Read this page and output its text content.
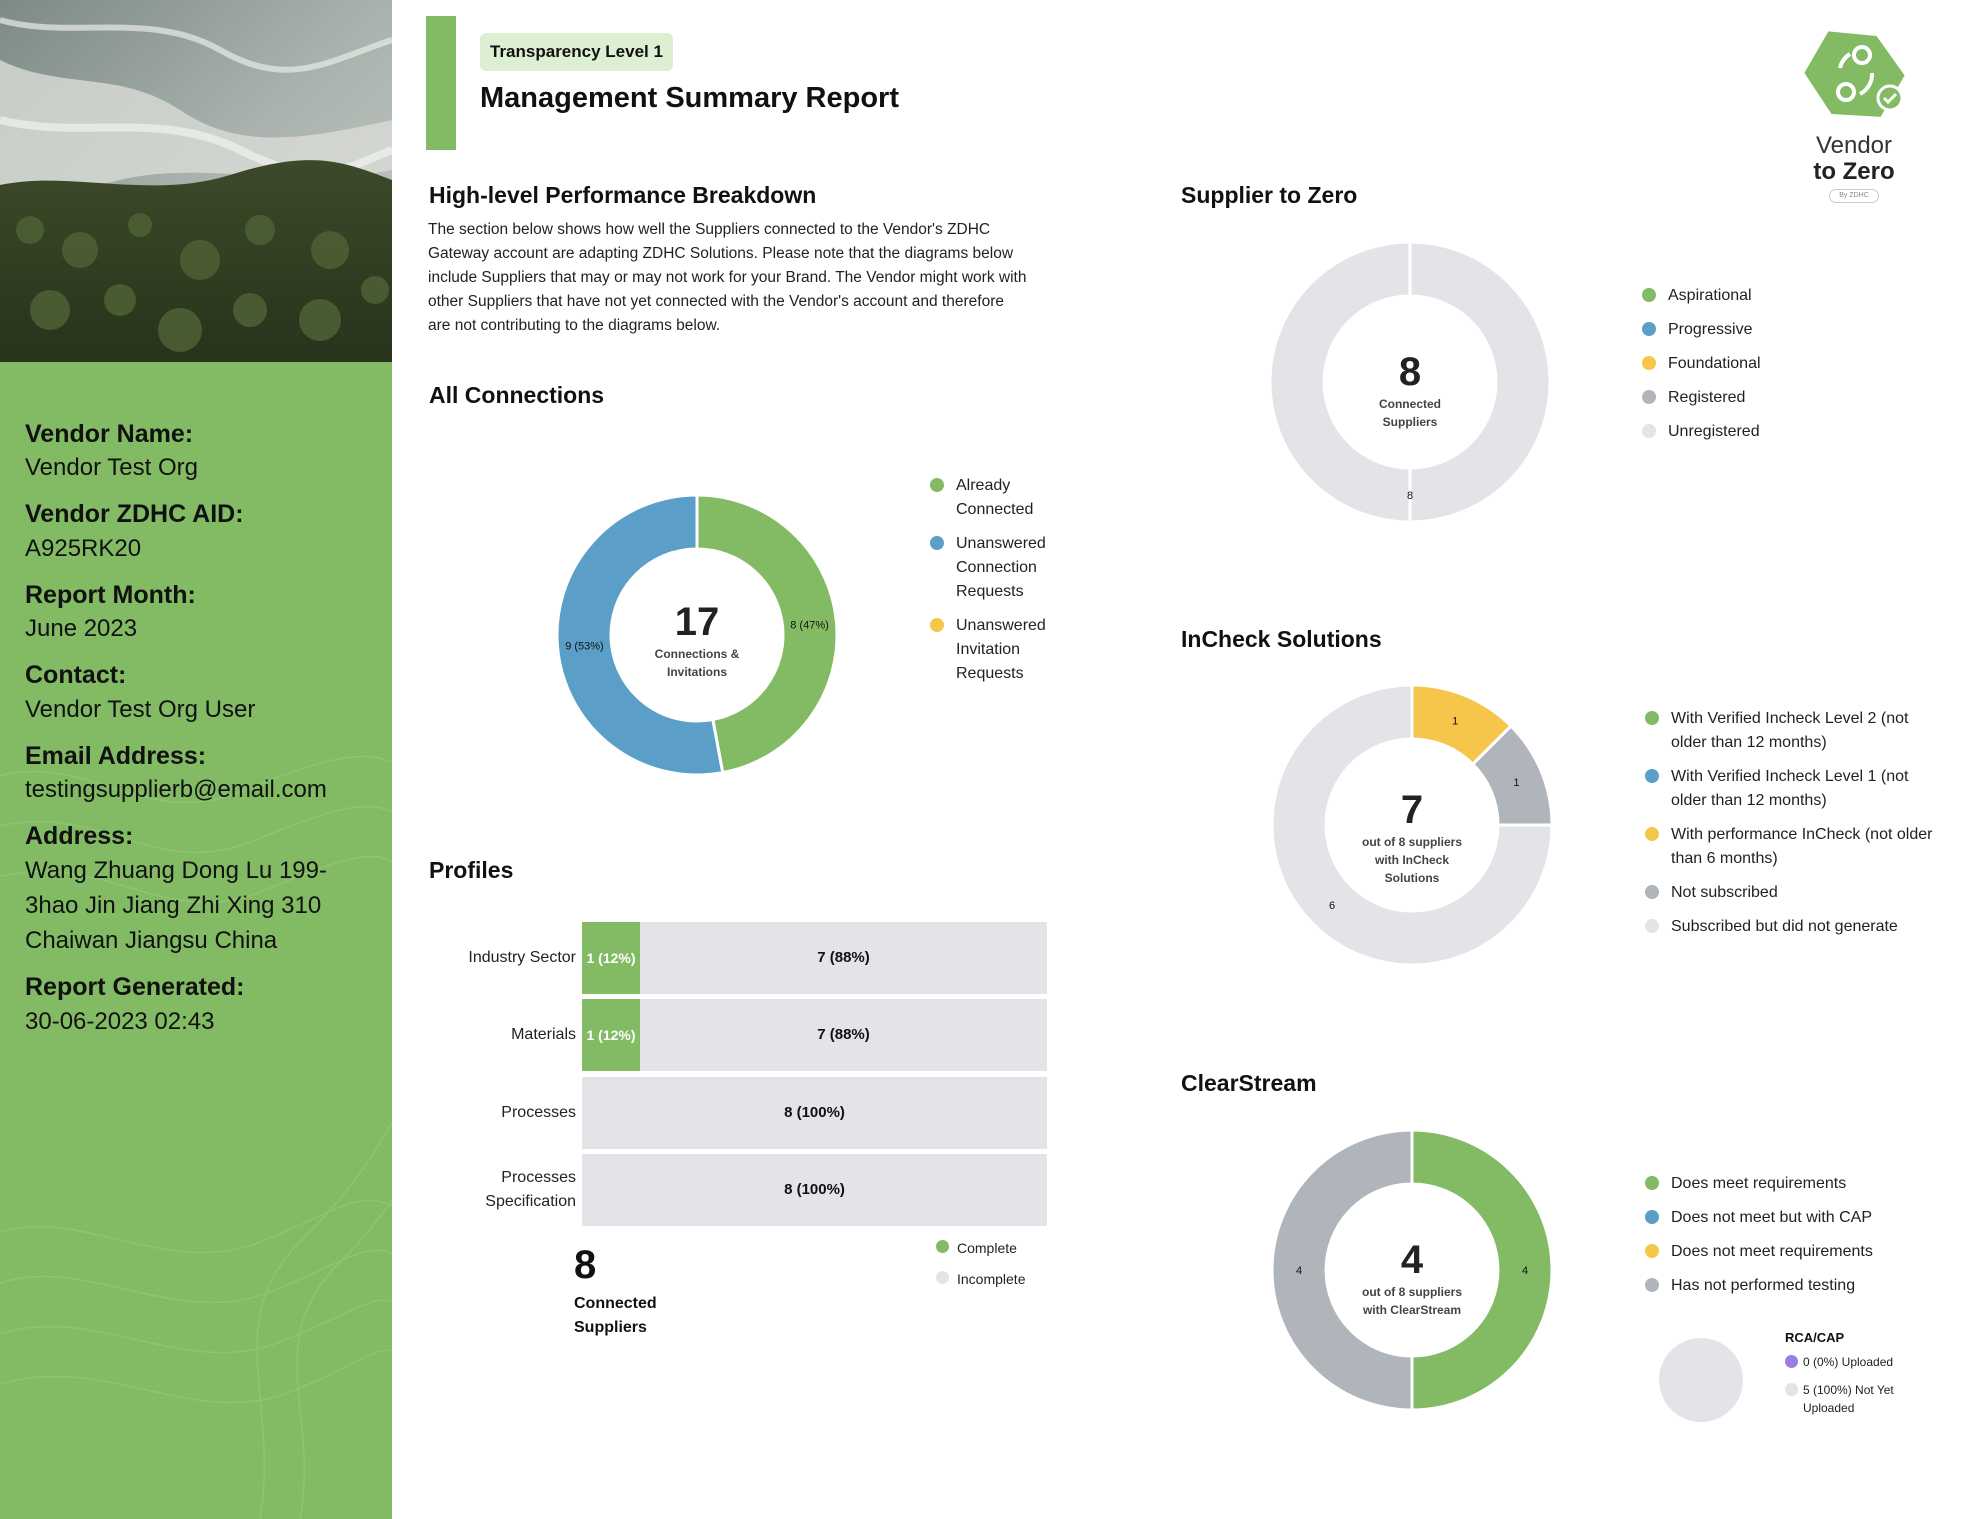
Vendor Name:
Vendor Test Org
Vendor ZDHC AID:
A925RK20
Report Month:
June 2023
Contact:
Vendor Test Org User
Email Address:
testingsupplierb@email.com
Address:
Wang Zhuang Dong Lu 199-3hao Jin Jiang Zhi Xing 310 Chaiwan Jiangsu China
Report Generated:
30-06-2023 02:43
Transparency Level 1
Management Summary Report
Vendor
to Zero
By ZDHC
High-level Performance Breakdown
The section below shows how well the Suppliers connected to the Vendor's ZDHC Gateway account are adapting ZDHC Solutions. Please note that the diagrams below include Suppliers that may or may not work for your Brand. The Vendor might work with other Suppliers that have not yet connected with the Vendor's account and therefore are not contributing to the diagrams below.
All Connections
8 (47%)
9 (53%)
17
Connections & Invitations
Already Connected
Unanswered Connection Requests
Unanswered Invitation Requests
Profiles
1 (12%)	7 (88%)
Industry Sector
1 (12%)	7 (88%)
Materials
8 (100%)
Processes
8 (100%)
Processes Specification
8
Connected Suppliers
Complete
Incomplete
Supplier to Zero
8
8
Connected Suppliers
Aspirational
Progressive
Foundational
Registered
Unregistered
InCheck Solutions
1
1
6
7
out of 8 suppliers with InCheck Solutions
With Verified Incheck Level 2 (not older than 12 months)
With Verified Incheck Level 1 (not older than 12 months)
With performance InCheck (not older than 6 months)
Not subscribed
Subscribed but did not generate
ClearStream
4
4 4
out of 8 suppliers with ClearStream
Does meet requirements
Does not meet but with CAP
Does not meet requirements
Has not performed testing
RCA/CAP
0 (0%) Uploaded
5 (100%) Not Yet Uploaded
